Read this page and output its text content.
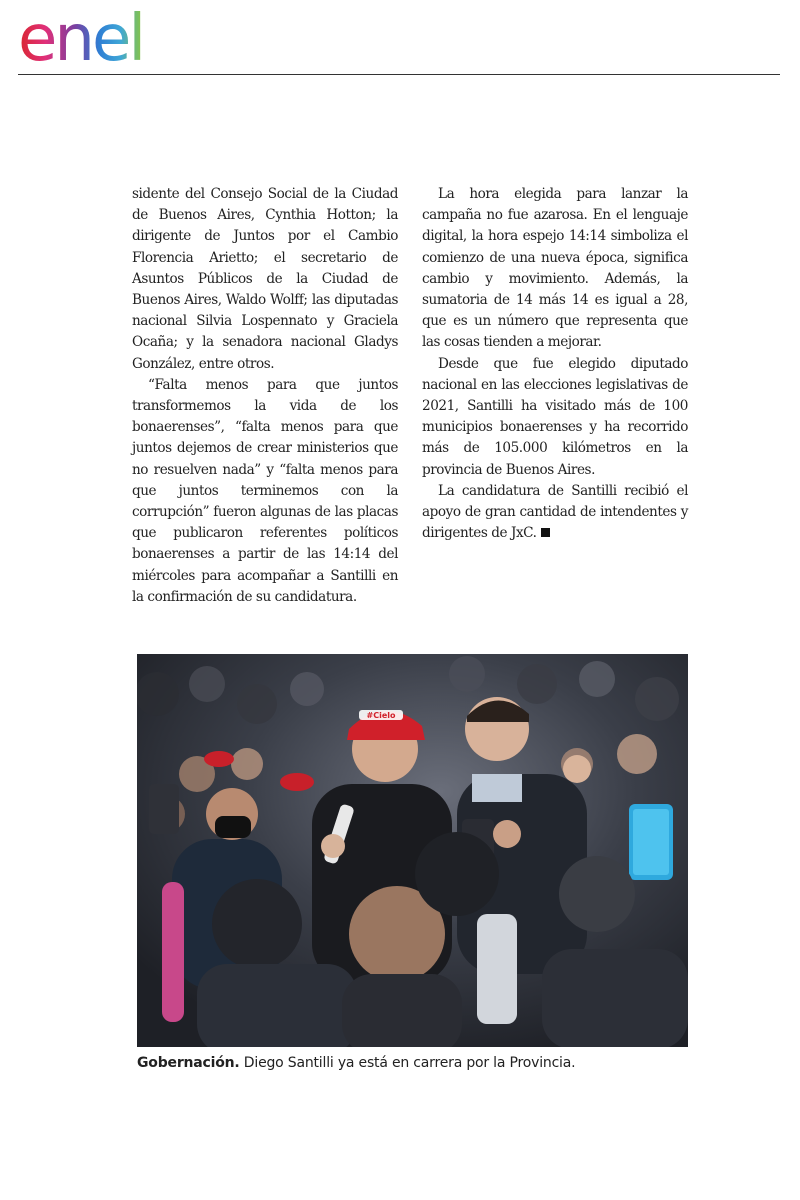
enel

sidente del Consejo Social de la Ciudad de Buenos Aires, Cynthia Hotton; la dirigente de Juntos por el Cambio Florencia Arietto; el secretario de Asuntos Públicos de la Ciudad de Buenos Aires, Waldo Wolff; las diputadas nacional Silvia Lospennato y Graciela Ocaña; y la senadora nacional Gladys González, entre otros.

“Falta menos para que juntos transformemos la vida de los bonaerenses”, “falta menos para que juntos dejemos de crear ministerios que no resuelven nada” y “falta menos para que juntos terminemos con la corrupción” fueron algunas de las placas que publicaron referentes políticos bonaerenses a partir de las 14:14 del miércoles para acompañar a Santilli en la confirmación de su candidatura.

La hora elegida para lanzar la campaña no fue azarosa. En el lenguaje digital, la hora espejo 14:14 simboliza el comienzo de una nueva época, significa cambio y movimiento. Además, la sumatoria de 14 más 14 es igual a 28, que es un número que representa que las cosas tienden a mejorar.

Desde que fue elegido diputado nacional en las elecciones legislativas de 2021, Santilli ha visitado más de 100 municipios bonaerenses y ha recorrido más de 105.000 kilómetros en la provincia de Buenos Aires.

La candidatura de Santilli recibió el apoyo de gran cantidad de intendentes y dirigentes de JxC.

#Cielo
Gobernación. Diego Santilli ya está en carrera por la Provincia.
